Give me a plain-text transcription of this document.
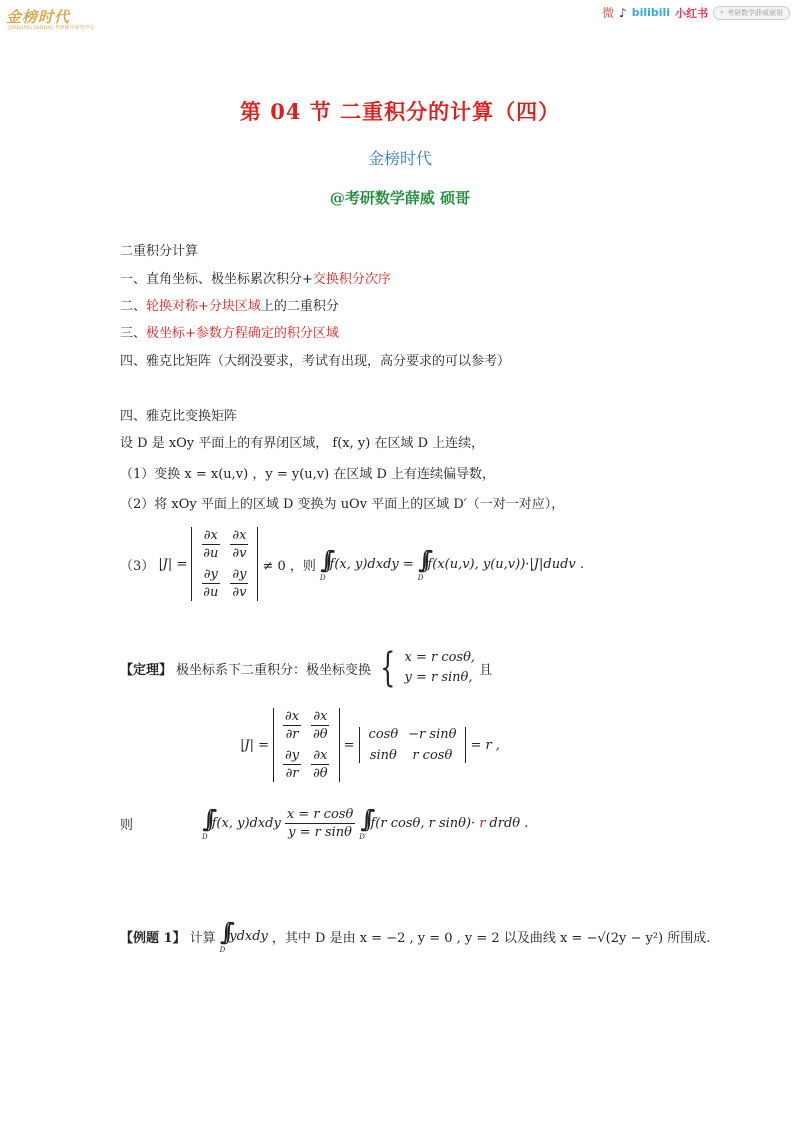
金榜时代
JINBANG SHIDAI 考研辅导研究中心
微 ♪ bilibili 小红书 ⌕ 考研数学薛威硕哥
第 04 节 二重积分的计算（四）
金榜时代
@考研数学薛威 硕哥
二重积分计算
一、直角坐标、极坐标累次积分+交换积分次序
二、轮换对称+分块区域上的二重积分
三、极坐标+参数方程确定的积分区域
四、雅克比矩阵（大纲没要求，考试有出现，高分要求的可以参考）
四、雅克比变换矩阵
设 D 是 xOy 平面上的有界闭区域， f(x, y) 在区域 D 上连续，
（1）变换 x = x(u,v) ，y = y(u,v) 在区域 D 上有连续偏导数，
（2）将 xOy 平面上的区域 D 变换为 uOv 平面上的区域 D′（一对一对应），
（3） |J| =
$\frac{\partial x}{\partial u}$
$\frac{\partial y}{\partial u}$
$\frac{\partial x}{\partial v}$
$\frac{\partial y}{\partial v} \ne 0$ ，则 ∫∫
D
f(x, y)dxdy = ∫∫
D
f(x(u,v), y(u,v))·|J|dudv .
【定理】 极坐标系下二重积分：极坐标变换 { x = r cosθ,
y = r sinθ, 且
|J| =
$\frac{\partial x}{\partial r}$
$\frac{\partial y}{\partial r}$
$\frac{\partial x}{\partial\theta}$
$\frac{\partial x}{\partial\theta}$
=
cosθ
sinθ
−r sinθ
r cosθ
= r ,
则	∫∫
D
f(x, y)dxdy
x = r cosθ
y = r sinθ ∫∫
D′
f(r cosθ, r sinθ)· r drdθ .
【例题 1】 计算 ∫∫
D
ydxdy ，其中 D 是由 x = −2 , y = 0 , y = 2 以及曲线 x = −√(2y − y²) 所围成.
